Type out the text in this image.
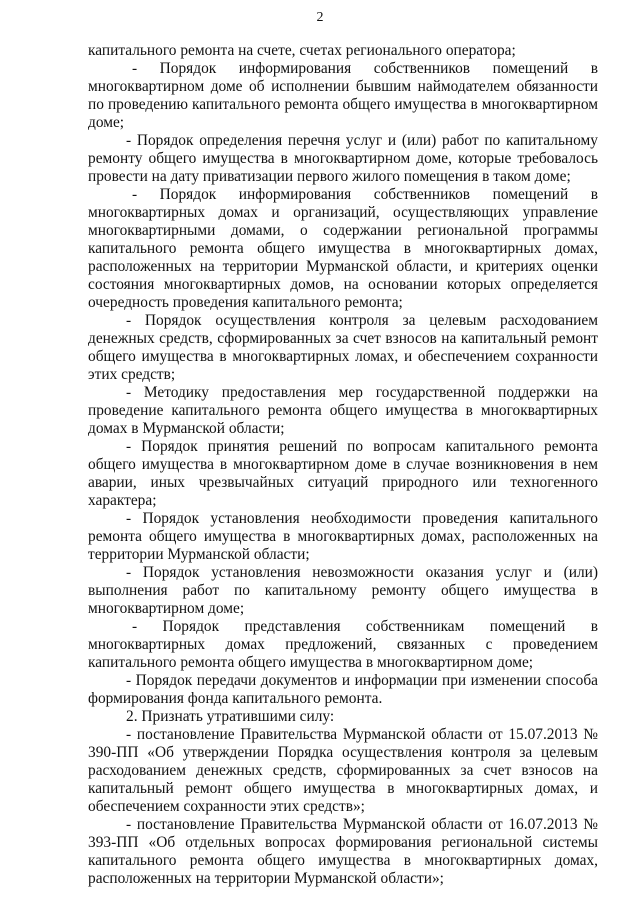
2

капитального ремонта на счете, счетах регионального оператора;

- Порядок информирования собственников помещений в многоквартирном доме об исполнении бывшим наймодателем обязанности по проведению капитального ремонта общего имущества в многоквартирном доме;

- Порядок определения перечня услуг и (или) работ по капитальному ремонту общего имущества в многоквартирном доме, которые требовалось провести на дату приватизации первого жилого помещения в таком доме;

- Порядок информирования собственников помещений в многоквартирных домах и организаций, осуществляющих управление многоквартирными домами, о содержании региональной программы капитального ремонта общего имущества в многоквартирных домах, расположенных на территории Мурманской области, и критериях оценки состояния многоквартирных домов, на основании которых определяется очередность проведения капитального ремонта;

- Порядок осуществления контроля за целевым расходованием денежных средств, сформированных за счет взносов на капитальный ремонт общего имущества в многоквартирных ломах, и обеспечением сохранности этих средств;

- Методику предоставления мер государственной поддержки на проведение капитального ремонта общего имущества в многоквартирных домах в Мурманской области;

- Порядок принятия решений по вопросам капитального ремонта общего имущества в многоквартирном доме в случае возникновения в нем аварии, иных чрезвычайных ситуаций природного или техногенного характера;

- Порядок установления необходимости проведения капитального ремонта общего имущества в многоквартирных домах, расположенных на территории Мурманской области;

- Порядок установления невозможности оказания услуг и (или) выполнения работ по капитальному ремонту общего имущества в многоквартирном доме;

- Порядок представления собственникам помещений в многоквартирных домах предложений, связанных с проведением капитального ремонта общего имущества в многоквартирном доме;

- Порядок передачи документов и информации при изменении способа формирования фонда капитального ремонта.

2. Признать утратившими силу:

- постановление Правительства Мурманской области от 15.07.2013 № 390-ПП «Об утверждении Порядка осуществления контроля за целевым расходованием денежных средств, сформированных за счет взносов на капитальный ремонт общего имущества в многоквартирных домах, и обеспечением сохранности этих средств»;

- постановление Правительства Мурманской области от 16.07.2013 № 393-ПП «Об отдельных вопросах формирования региональной системы капитального ремонта общего имущества в многоквартирных домах, расположенных на территории Мурманской области»;
